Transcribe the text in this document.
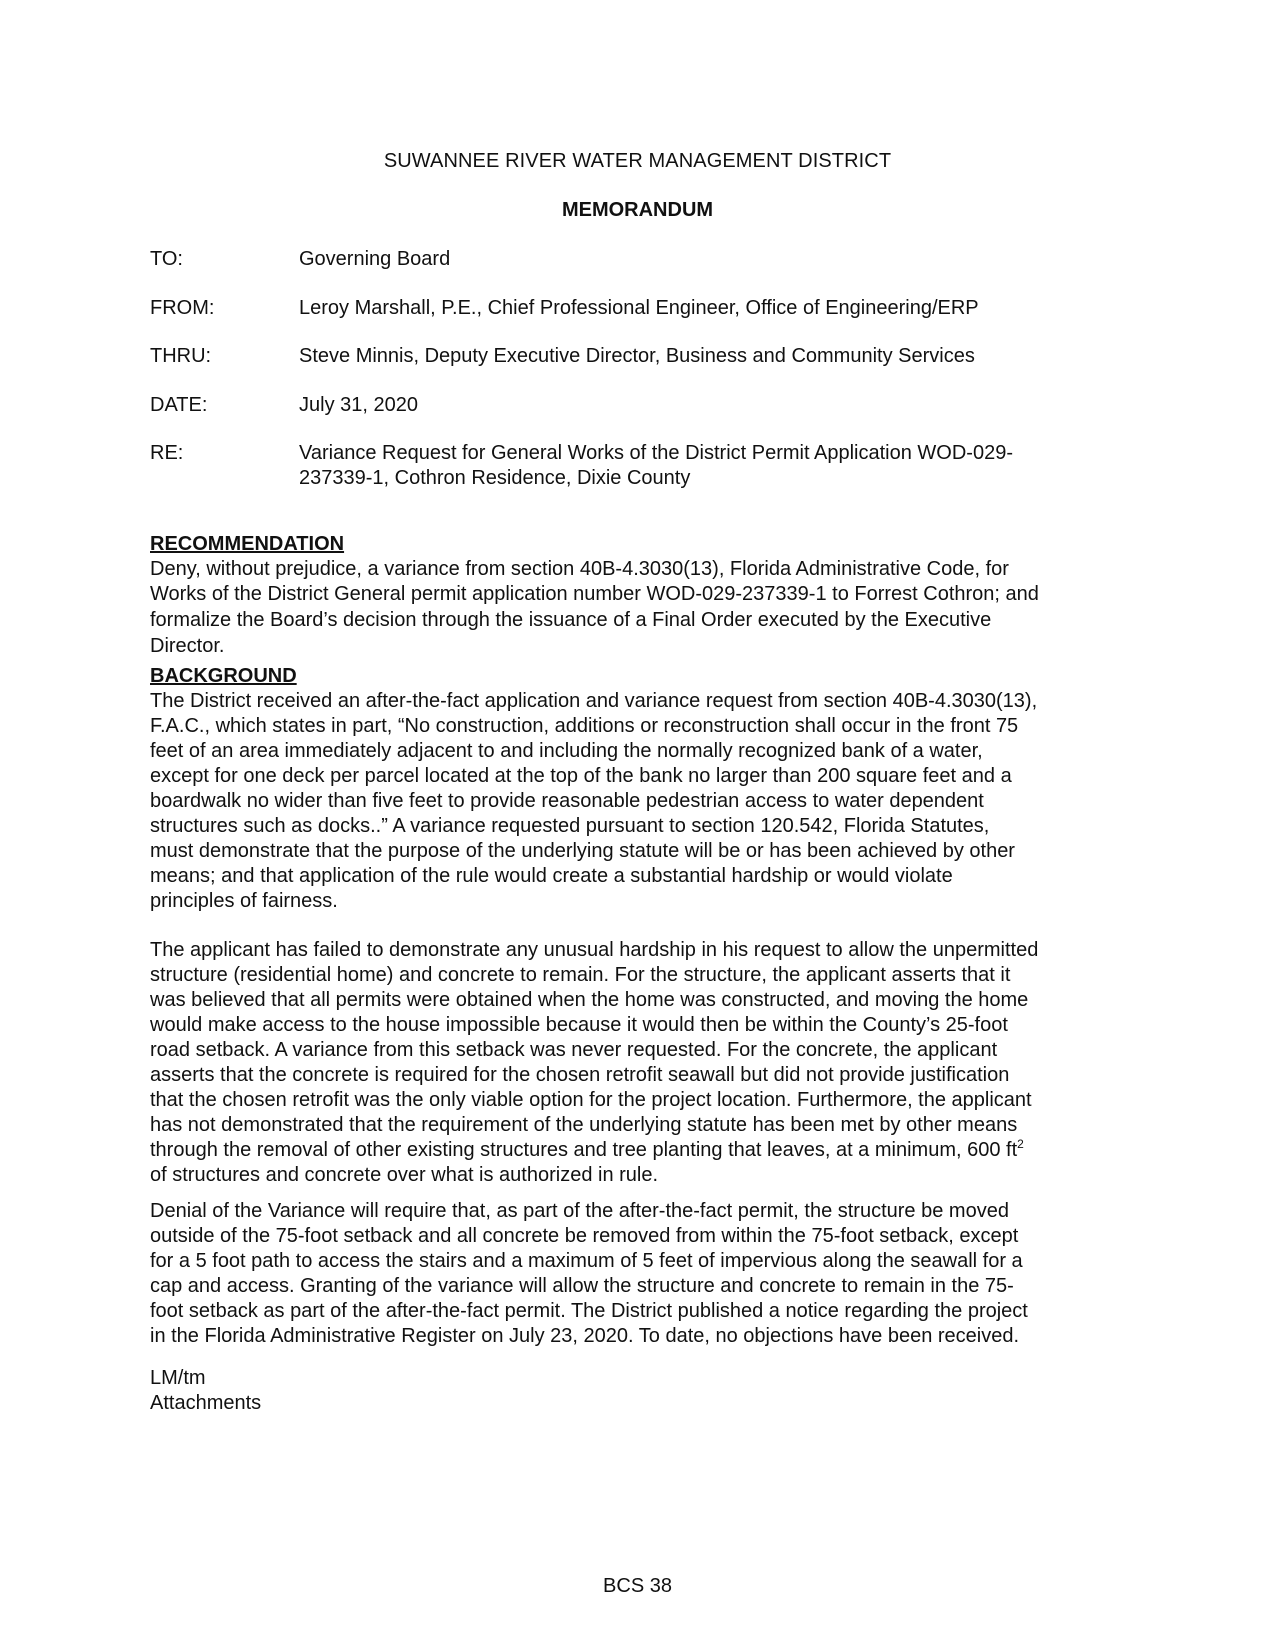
SUWANNEE RIVER WATER MANAGEMENT DISTRICT
MEMORANDUM
TO:	Governing Board
FROM:	Leroy Marshall, P.E., Chief Professional Engineer, Office of Engineering/ERP
THRU:	Steve Minnis, Deputy Executive Director, Business and Community Services
DATE:	July 31, 2020
RE:	Variance Request for General Works of the District Permit Application WOD-029-
237339-1, Cothron Residence, Dixie County
RECOMMENDATION
Deny, without prejudice, a variance from section 40B-4.3030(13), Florida Administrative Code, for
Works of the District General permit application number WOD-029-237339-1 to Forrest Cothron; and
formalize the Board’s decision through the issuance of a Final Order executed by the Executive
Director.
BACKGROUND
The District received an after-the-fact application and variance request from section 40B-4.3030(13),
F.A.C., which states in part, “No construction, additions or reconstruction shall occur in the front 75
feet of an area immediately adjacent to and including the normally recognized bank of a water,
except for one deck per parcel located at the top of the bank no larger than 200 square feet and a
boardwalk no wider than five feet to provide reasonable pedestrian access to water dependent
structures such as docks..” A variance requested pursuant to section 120.542, Florida Statutes,
must demonstrate that the purpose of the underlying statute will be or has been achieved by other
means; and that application of the rule would create a substantial hardship or would violate
principles of fairness.
The applicant has failed to demonstrate any unusual hardship in his request to allow the unpermitted
structure (residential home) and concrete to remain. For the structure, the applicant asserts that it
was believed that all permits were obtained when the home was constructed, and moving the home
would make access to the house impossible because it would then be within the County’s 25-foot
road setback. A variance from this setback was never requested. For the concrete, the applicant
asserts that the concrete is required for the chosen retrofit seawall but did not provide justification
that the chosen retrofit was the only viable option for the project location. Furthermore, the applicant
has not demonstrated that the requirement of the underlying statute has been met by other means
through the removal of other existing structures and tree planting that leaves, at a minimum, 600 $ft^2$
of structures and concrete over what is authorized in rule.
Denial of the Variance will require that, as part of the after-the-fact permit, the structure be moved
outside of the 75-foot setback and all concrete be removed from within the 75-foot setback, except
for a 5 foot path to access the stairs and a maximum of 5 feet of impervious along the seawall for a
cap and access. Granting of the variance will allow the structure and concrete to remain in the 75-
foot setback as part of the after-the-fact permit. The District published a notice regarding the project
in the Florida Administrative Register on July 23, 2020. To date, no objections have been received.
LM/tm
Attachments
BCS 38
